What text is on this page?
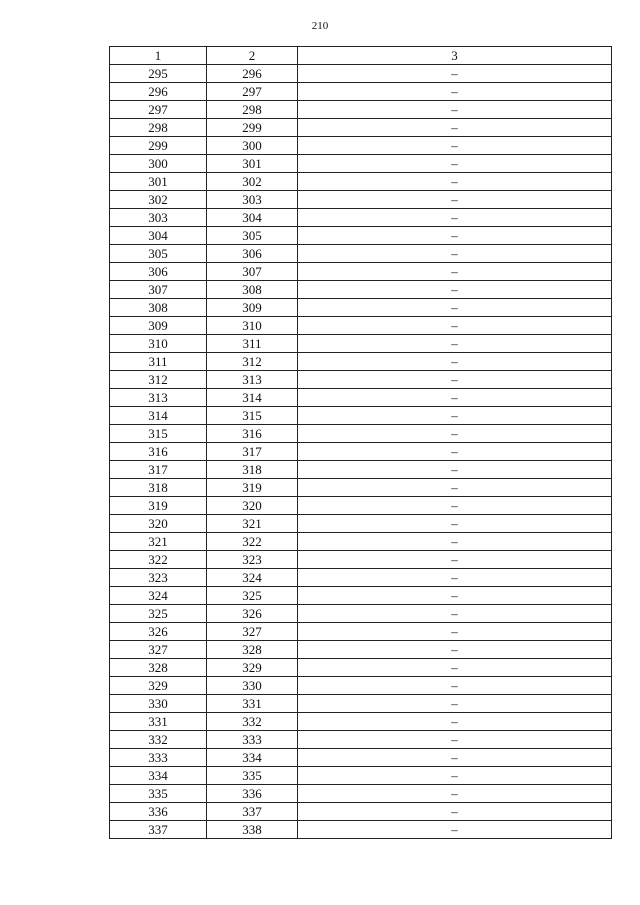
210
1	2	3
295	296	–
296	297	–
297	298	–
298	299	–
299	300	–
300	301	–
301	302	–
302	303	–
303	304	–
304	305	–
305	306	–
306	307	–
307	308	–
308	309	–
309	310	–
310	311	–
311	312	–
312	313	–
313	314	–
314	315	–
315	316	–
316	317	–
317	318	–
318	319	–
319	320	–
320	321	–
321	322	–
322	323	–
323	324	–
324	325	–
325	326	–
326	327	–
327	328	–
328	329	–
329	330	–
330	331	–
331	332	–
332	333	–
333	334	–
334	335	–
335	336	–
336	337	–
337	338	–
